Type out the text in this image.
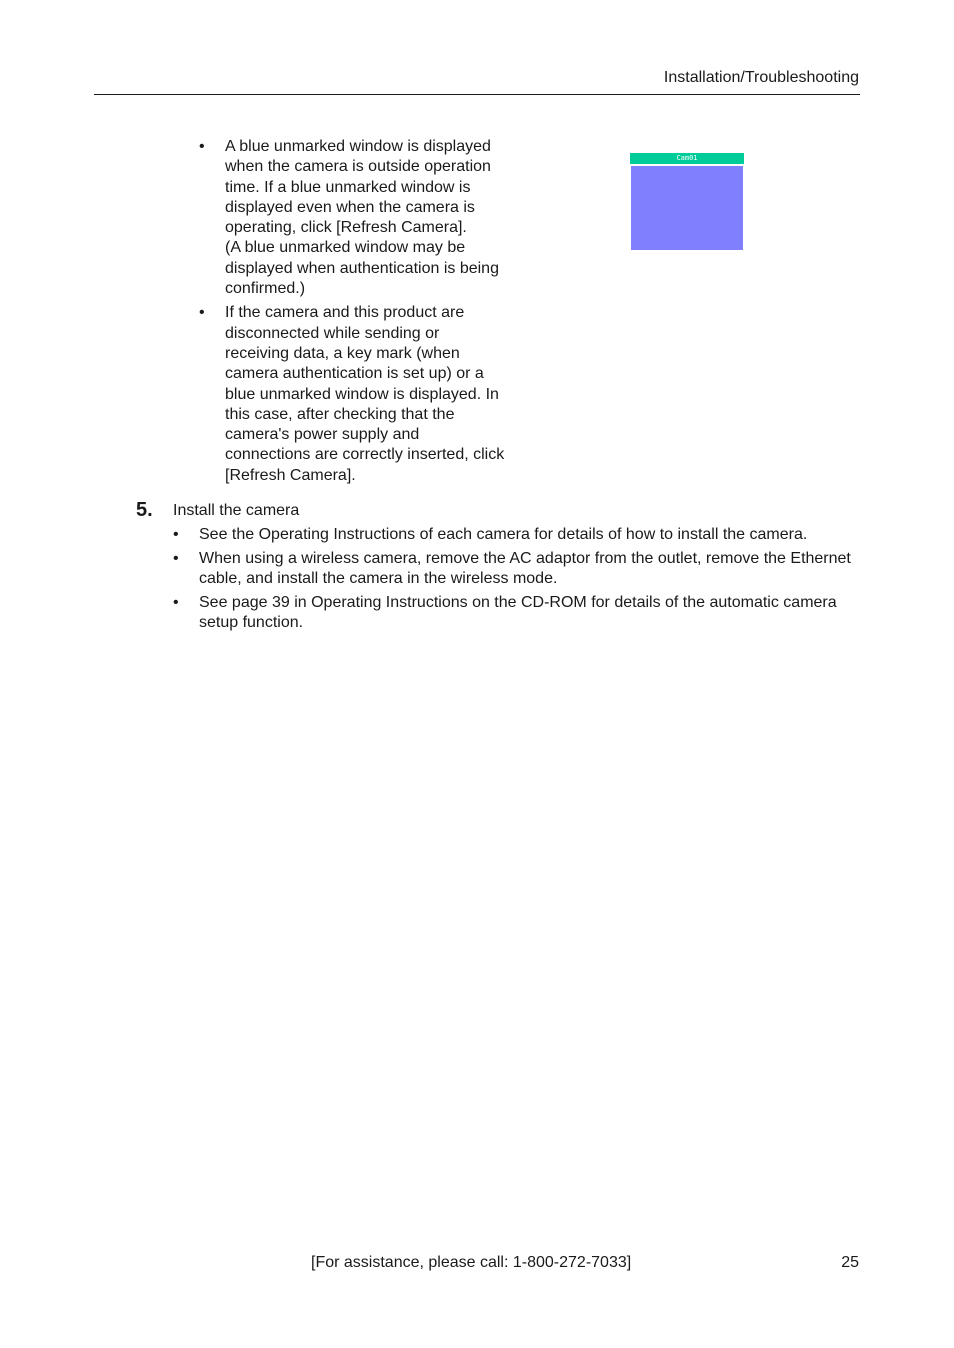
Installation/Troubleshooting
• A blue unmarked window is displayed
when the camera is outside operation
time. If a blue unmarked window is
displayed even when the camera is
operating, click [Refresh Camera].
(A blue unmarked window may be
displayed when authentication is being
confirmed.)
• If the camera and this product are
disconnected while sending or
receiving data, a key mark (when
camera authentication is set up) or a
blue unmarked window is displayed. In
this case, after checking that the
camera's power supply and
connections are correctly inserted, click
[Refresh Camera].
Cam01
5. Install the camera
• See the Operating Instructions of each camera for details of how to install the camera.
• When using a wireless camera, remove the AC adaptor from the outlet, remove the Ethernet
cable, and install the camera in the wireless mode.
• See page 39 in Operating Instructions on the CD-ROM for details of the automatic camera
setup function.
[For assistance, please call: 1-800-272-7033]	25
